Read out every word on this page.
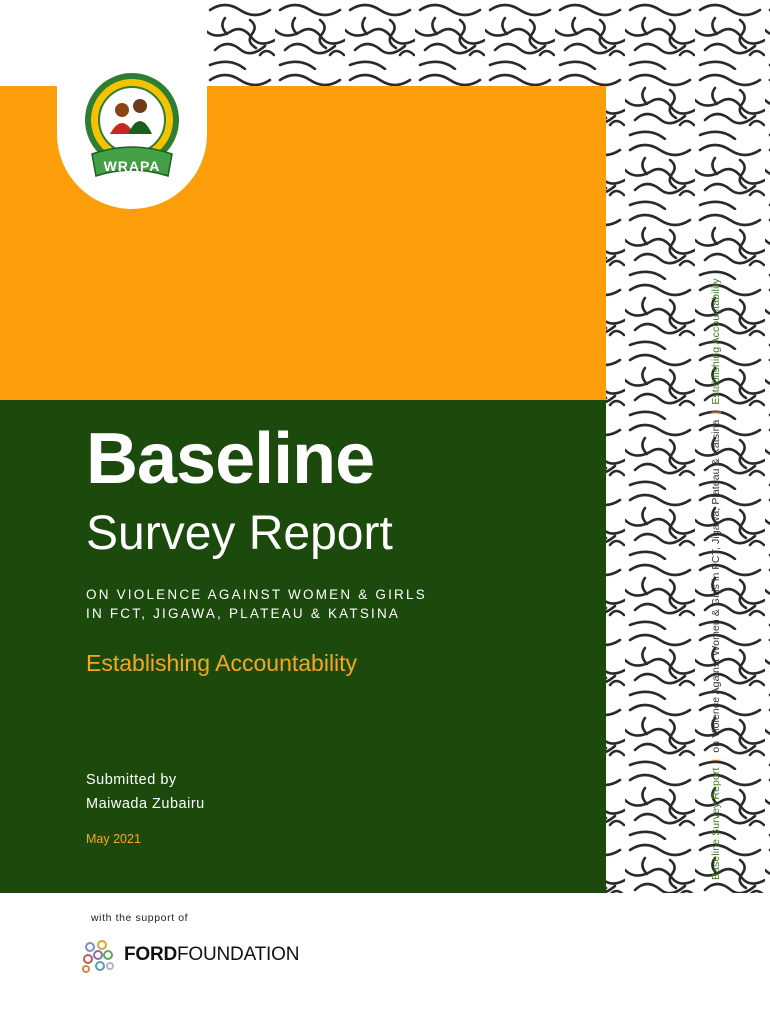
WRAPA
Baseline
Survey Report
ON VIOLENCE AGAINST WOMEN & GIRLS
IN FCT, JIGAWA, PLATEAU & KATSINA
Establishing Accountability
Submitted by
Maiwada Zubairu
May 2021
with the support of
FORDFOUNDATION
Baseline Survey Report|on Violence Against Women & Girls in FCT, Jigawa, Plateau & Katsina|Establishing Accountability
